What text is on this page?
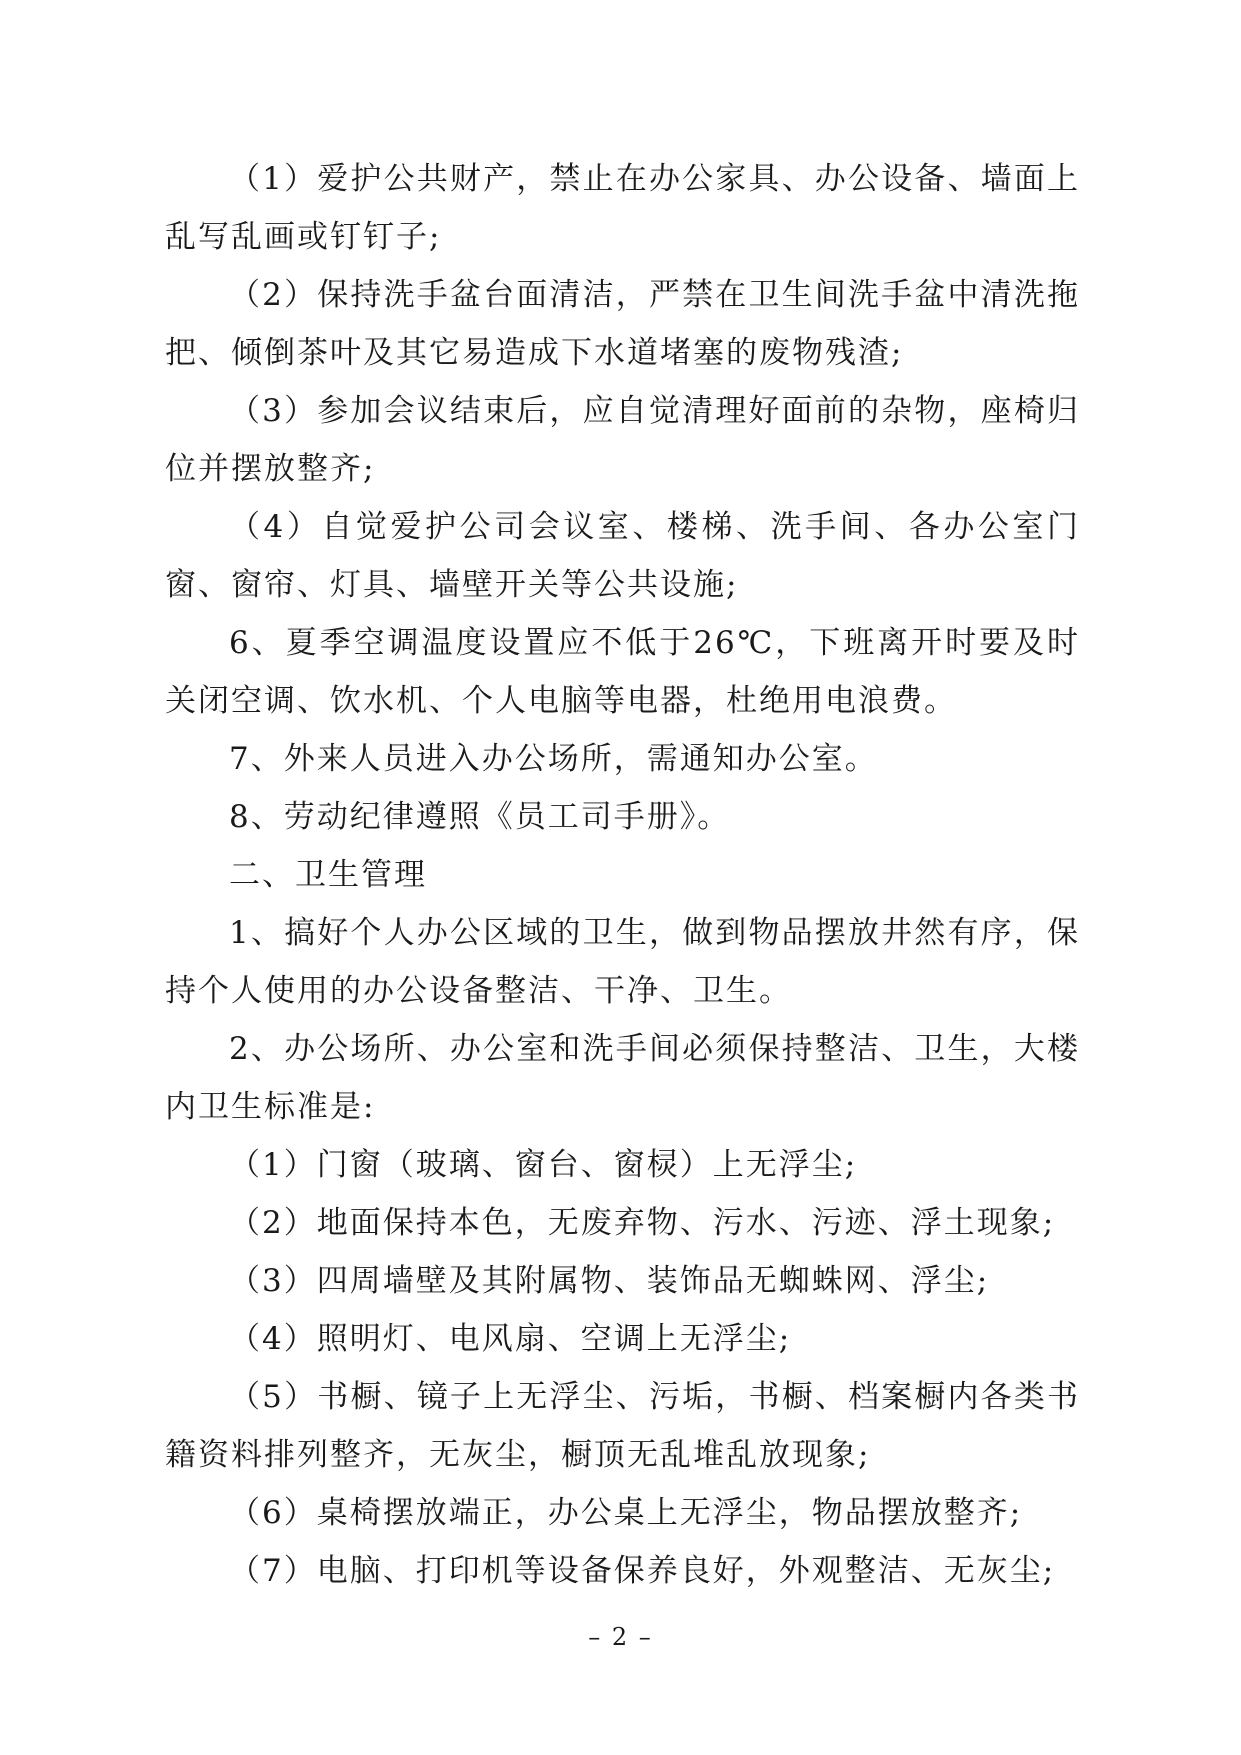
（1）爱护公共财产，禁止在办公家具、办公设备、墙面上乱写乱画或钉钉子;

（2）保持洗手盆台面清洁，严禁在卫生间洗手盆中清洗拖把、倾倒茶叶及其它易造成下水道堵塞的废物残渣;

（3）参加会议结束后，应自觉清理好面前的杂物，座椅归位并摆放整齐;

（4）自觉爱护公司会议室、楼梯、洗手间、各办公室门窗、窗帘、灯具、墙壁开关等公共设施;

6、夏季空调温度设置应不低于26℃，下班离开时要及时关闭空调、饮水机、个人电脑等电器，杜绝用电浪费。

7、外来人员进入办公场所，需通知办公室。

8、劳动纪律遵照《员工司手册》。

二、卫生管理

1、搞好个人办公区域的卫生，做到物品摆放井然有序，保持个人使用的办公设备整洁、干净、卫生。

2、办公场所、办公室和洗手间必须保持整洁、卫生，大楼内卫生标准是:

（1）门窗（玻璃、窗台、窗棂）上无浮尘;

（2）地面保持本色，无废弃物、污水、污迹、浮土现象;

（3）四周墙壁及其附属物、装饰品无蜘蛛网、浮尘;

（4）照明灯、电风扇、空调上无浮尘;

（5）书橱、镜子上无浮尘、污垢，书橱、档案橱内各类书籍资料排列整齐，无灰尘，橱顶无乱堆乱放现象;

（6）桌椅摆放端正，办公桌上无浮尘，物品摆放整齐;

（7）电脑、打印机等设备保养良好，外观整洁、无灰尘;

– 2 –
